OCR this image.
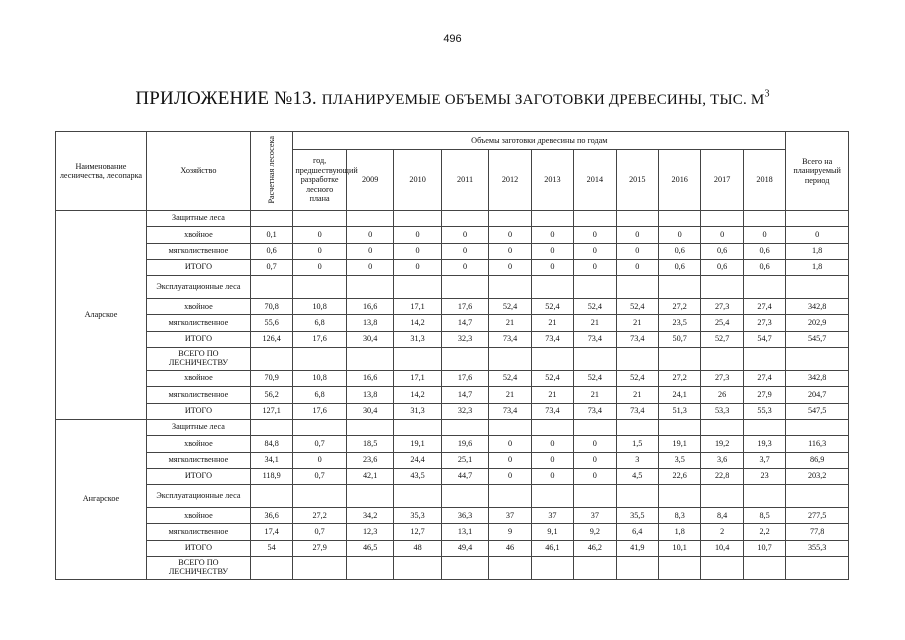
496
ПРИЛОЖЕНИЕ №13. ПЛАНИРУЕМЫЕ ОБЪЕМЫ ЗАГОТОВКИ ДРЕВЕСИНЫ, ТЫС. $М^3$
Наименование лесничества, лесопарка	Хозяйство	Расчетная лесосека	Объемы заготовки древесины по годам											Всего на планируемый период
			год, предшествующий разработке лесного плана	2009	2010	2011	2012	2013	2014	2015	2016	2017	2018	
Аларское	Защитные леса													
	хвойное	0,1	0	0	0	0	0	0	0	0	0	0	0	0
	мягколиственное	0,6	0	0	0	0	0	0	0	0	0,6	0,6	0,6	1,8
	ИТОГО	0,7	0	0	0	0	0	0	0	0	0,6	0,6	0,6	1,8
	Эксплуатационные леса													
	хвойное	70,8	10,8	16,6	17,1	17,6	52,4	52,4	52,4	52,4	27,2	27,3	27,4	342,8
	мягколиственное	55,6	6,8	13,8	14,2	14,7	21	21	21	21	23,5	25,4	27,3	202,9
	ИТОГО	126,4	17,6	30,4	31,3	32,3	73,4	73,4	73,4	73,4	50,7	52,7	54,7	545,7
	ВСЕГО ПО ЛЕСНИЧЕСТВУ													
	хвойное	70,9	10,8	16,6	17,1	17,6	52,4	52,4	52,4	52,4	27,2	27,3	27,4	342,8
	мягколиственное	56,2	6,8	13,8	14,2	14,7	21	21	21	21	24,1	26	27,9	204,7
	ИТОГО	127,1	17,6	30,4	31,3	32,3	73,4	73,4	73,4	73,4	51,3	53,3	55,3	547,5
Ангарское	Защитные леса													
	хвойное	84,8	0,7	18,5	19,1	19,6	0	0	0	1,5	19,1	19,2	19,3	116,3
	мягколиственное	34,1	0	23,6	24,4	25,1	0	0	0	3	3,5	3,6	3,7	86,9
	ИТОГО	118,9	0,7	42,1	43,5	44,7	0	0	0	4,5	22,6	22,8	23	203,2
	Эксплуатационные леса													
	хвойное	36,6	27,2	34,2	35,3	36,3	37	37	37	35,5	8,3	8,4	8,5	277,5
	мягколиственное	17,4	0,7	12,3	12,7	13,1	9	9,1	9,2	6,4	1,8	2	2,2	77,8
	ИТОГО	54	27,9	46,5	48	49,4	46	46,1	46,2	41,9	10,1	10,4	10,7	355,3
	ВСЕГО ПО ЛЕСНИЧЕСТВУ													
